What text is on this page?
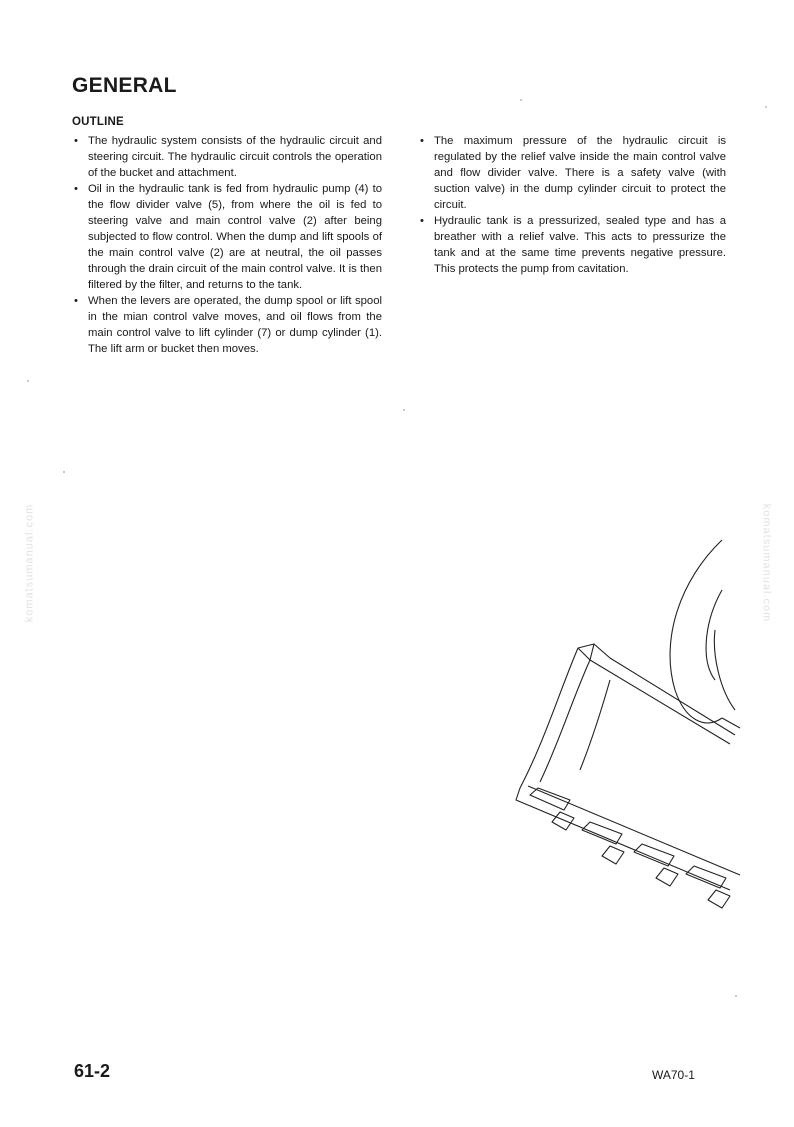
GENERAL
OUTLINE
• The hydraulic system consists of the hydraulic circuit and steering circuit. The hydraulic circuit controls the operation of the bucket and attachment.
• Oil in the hydraulic tank is fed from hydraulic pump (4) to the flow divider valve (5), from where the oil is fed to steering valve and main control valve (2) after being subjected to flow control. When the dump and lift spools of the main control valve (2) are at neutral, the oil passes through the drain circuit of the main control valve. It is then filtered by the filter, and returns to the tank.
• When the levers are operated, the dump spool or lift spool in the mian control valve moves, and oil flows from the main control valve to lift cylinder (7) or dump cylinder (1). The lift arm or bucket then moves.
• The maximum pressure of the hydraulic circuit is regulated by the relief valve inside the main control valve and flow divider valve. There is a safety valve (with suction valve) in the dump cylinder circuit to protect the circuit.
• Hydraulic tank is a pressurized, sealed type and has a breather with a relief valve. This acts to pressurize the tank and at the same time prevents negative pressure. This protects the pump from cavitation.
komatsumanual.com	komatsumanual.com
61-2	WA70-1
